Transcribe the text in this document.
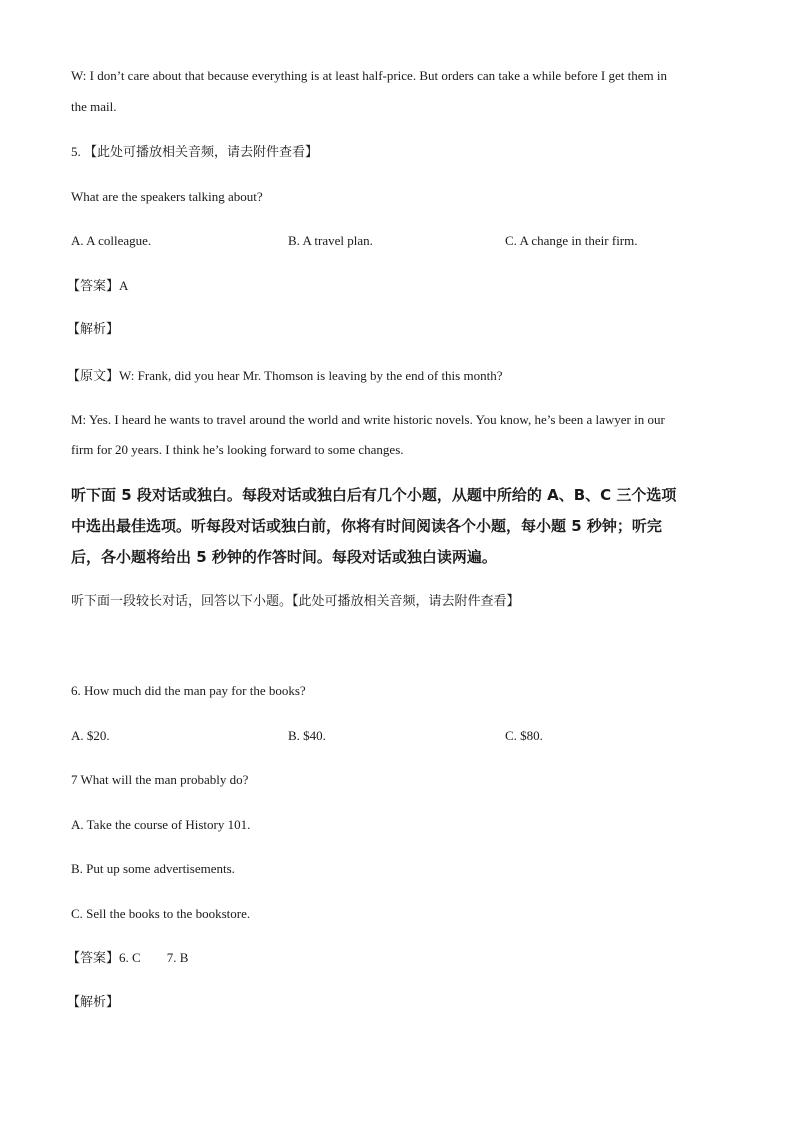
W: I don’t care about that because everything is at least half-price. But orders can take a while before I get them in
the mail.
5. 【此处可播放相关音频，请去附件查看】
What are the speakers talking about?
A. A colleague.	B. A travel plan.	C. A change in their firm.
【答案】A
【解析】
【原文】W: Frank, did you hear Mr. Thomson is leaving by the end of this month?
M: Yes. I heard he wants to travel around the world and write historic novels. You know, he’s been a lawyer in our
firm for 20 years. I think he’s looking forward to some changes.
听下面 5 段对话或独白。每段对话或独白后有几个小题，从题中所给的 A、B、C 三个选项
中选出最佳选项。听每段对话或独白前，你将有时间阅读各个小题，每小题 5 秒钟；听完
后，各小题将给出 5 秒钟的作答时间。每段对话或独白读两遍。
听下面一段较长对话，回答以下小题。【此处可播放相关音频，请去附件查看】
6. How much did the man pay for the books?
A. $20.	B. $40.	C. $80.
7 What will the man probably do?
A. Take the course of History 101.
B. Put up some advertisements.
C. Sell the books to the bookstore.
【答案】6. C 7. B
【解析】
